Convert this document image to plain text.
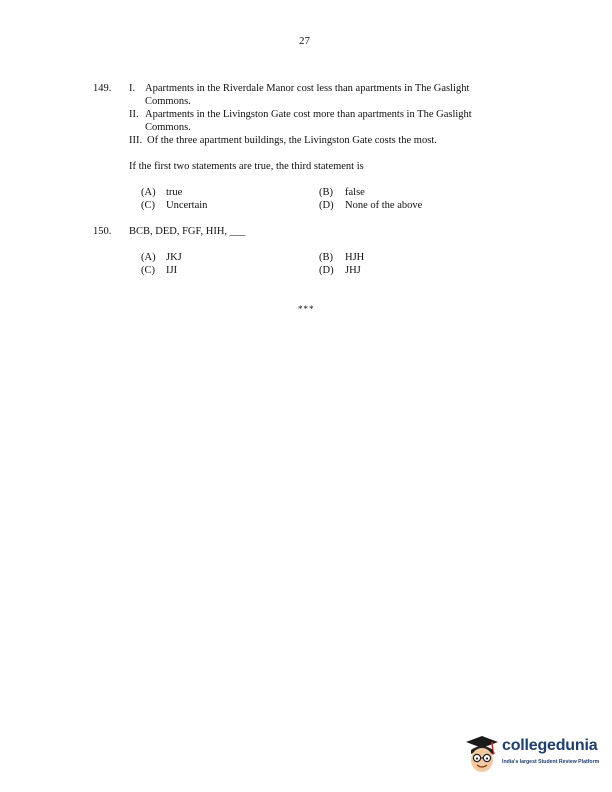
27
149. I. Apartments in the Riverdale Manor cost less than apartments in The Gaslight
Commons.
II. Apartments in the Livingston Gate cost more than apartments in The Gaslight
Commons.
III. Of the three apartment buildings, the Livingston Gate costs the most.
If the first two statements are true, the third statement is
(A) true	(B) false
(C) Uncertain	(D) None of the above
150. BCB, DED, FGF, HIH, ___
(A) JKJ	(B) HJH
(C) IJI	(D) JHJ
***
collegedunia
India's largest Student Review Platform
